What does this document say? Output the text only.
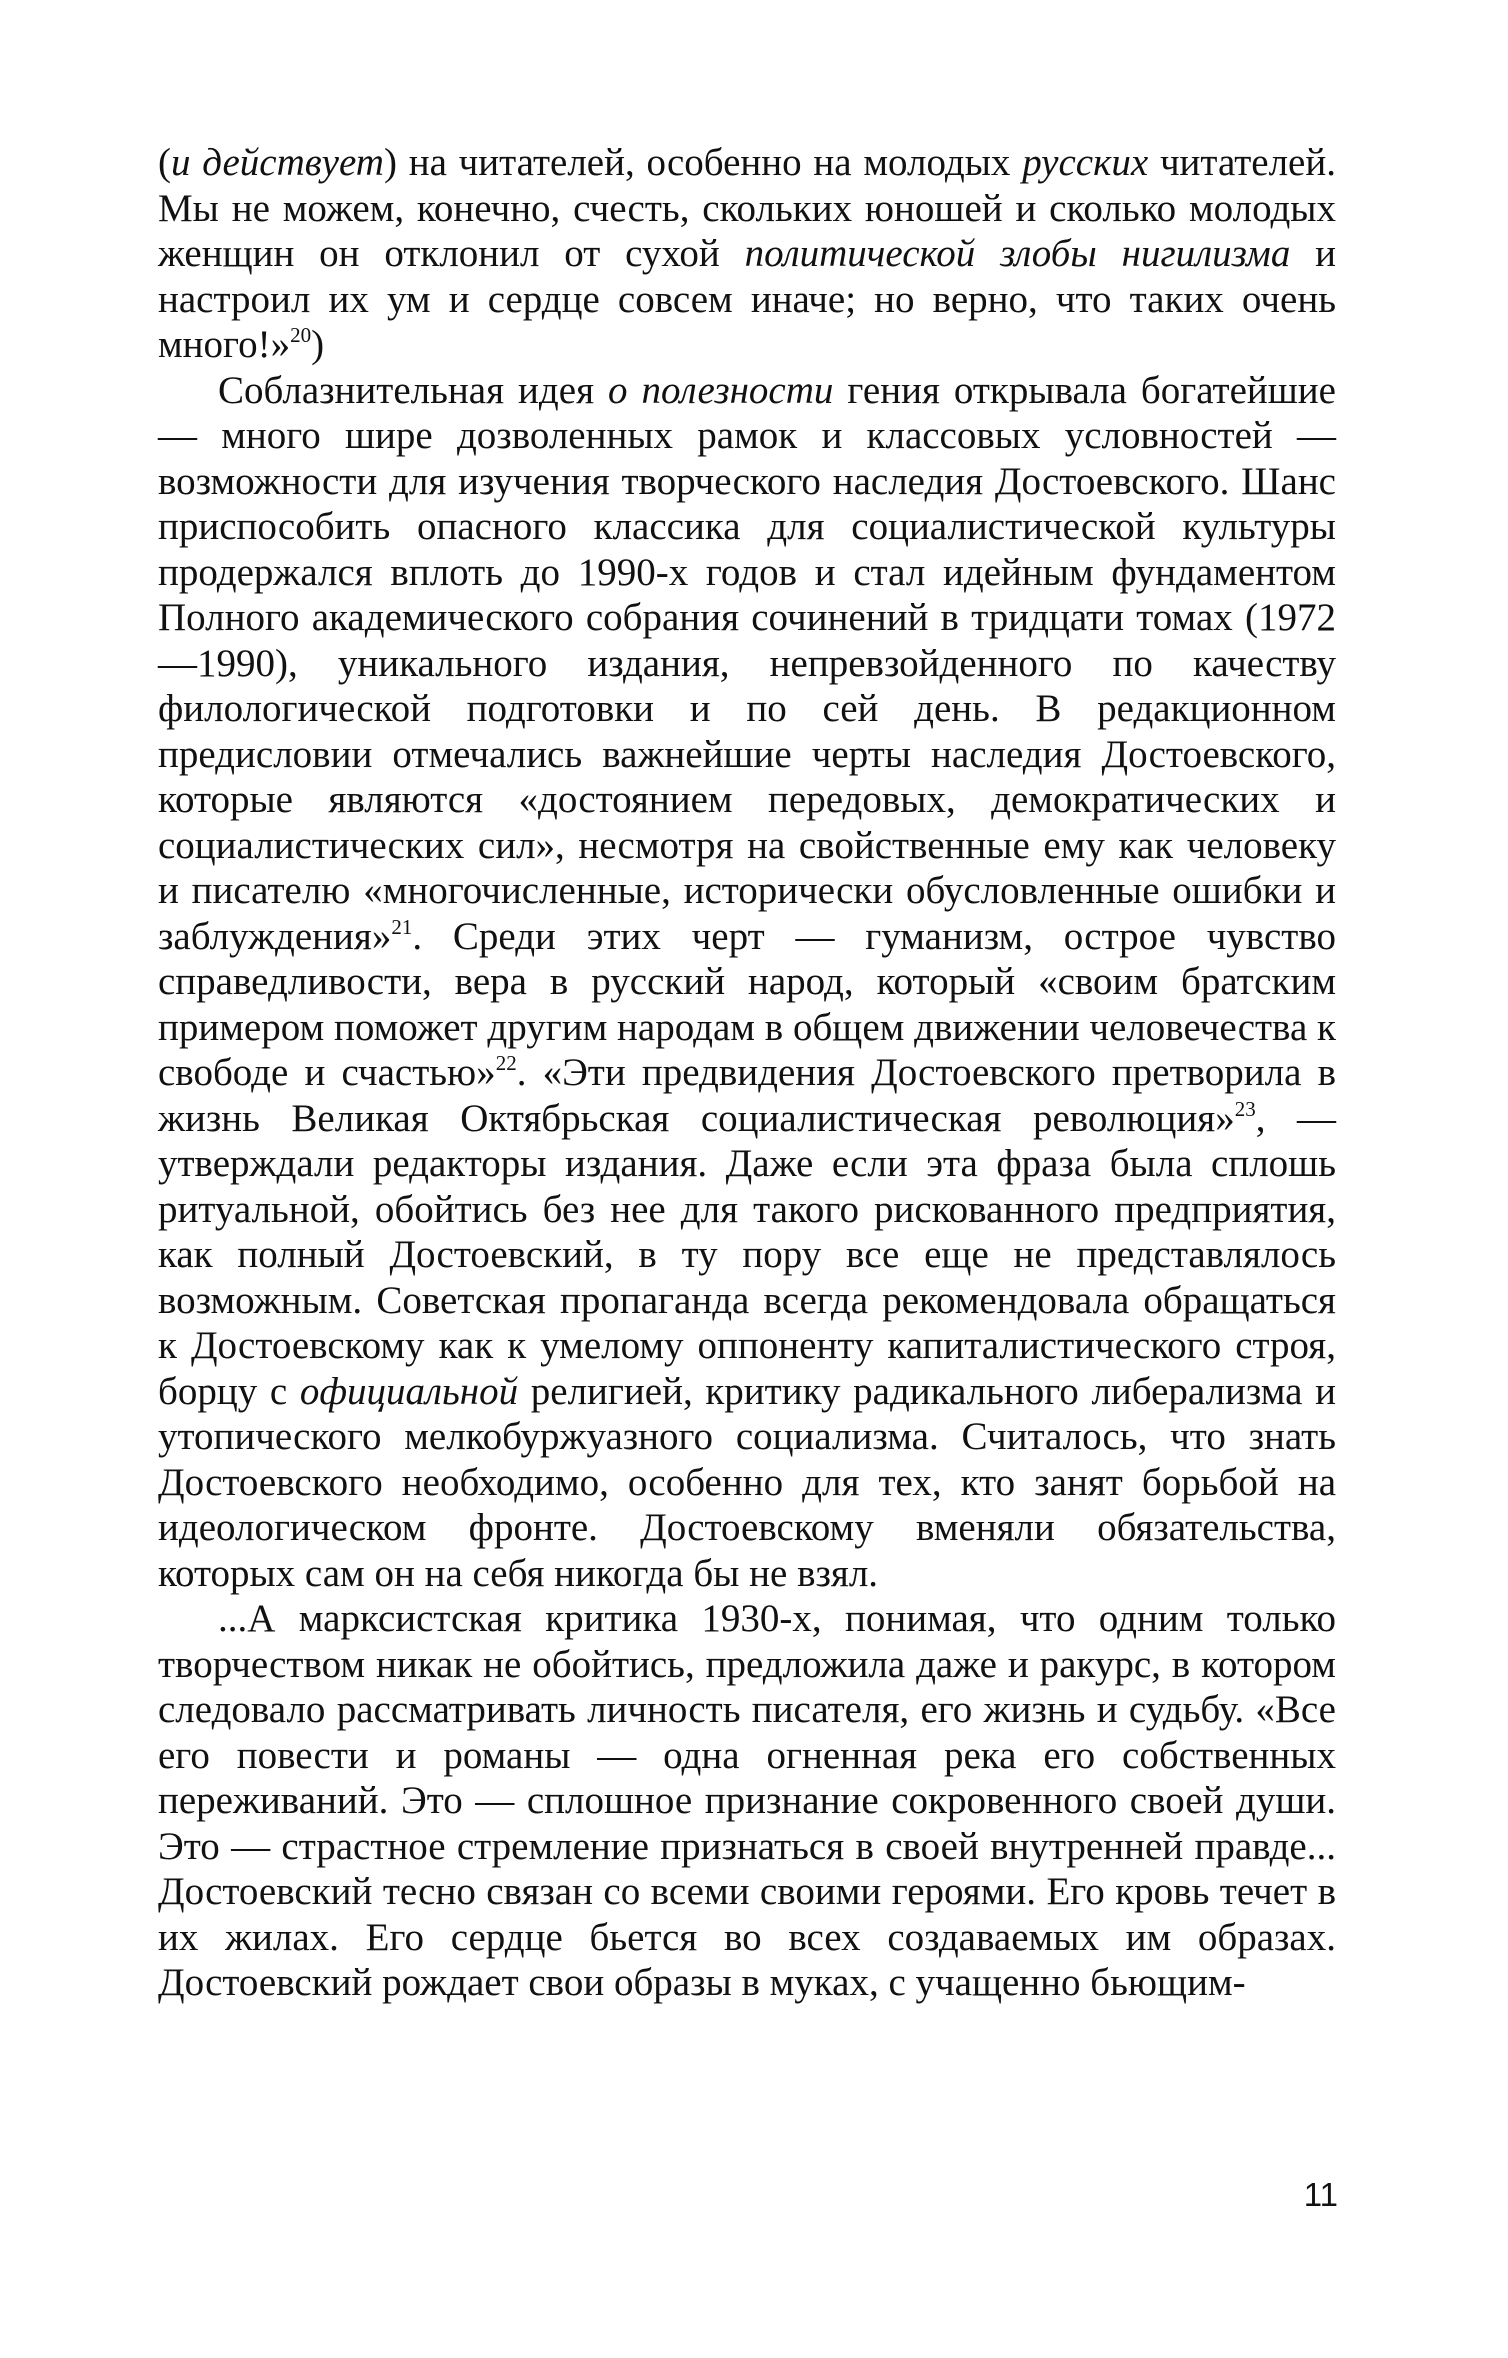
(и действует) на читателей, особенно на молодых русских читателей. Мы не можем, конечно, счесть, скольких юношей и сколько молодых женщин он отклонил от сухой политической злобы нигилизма и настроил их ум и сердце совсем иначе; но верно, что таких очень много!»$^{20}$)

Соблазнительная идея о полезности гения открывала богатейшие — много шире дозволенных рамок и классовых условностей — возможности для изучения творческого наследия Достоевского. Шанс приспособить опасного классика для социалистической культуры продержался вплоть до 1990-х годов и стал идейным фундаментом Полного академического собрания сочинений в тридцати томах (1972—1990), уникального издания, непревзойденного по качеству филологической подготовки и по сей день. В редакционном предисловии отмечались важнейшие черты наследия Достоевского, которые являются «достоянием передовых, демократических и социалистических сил», несмотря на свойственные ему как человеку и писателю «многочисленные, исторически обусловленные ошибки и заблуждения»$^{21}$. Среди этих черт — гуманизм, острое чувство справедливости, вера в русский народ, который «своим братским примером поможет другим народам в общем движении человечества к свободе и счастью»$^{22}$. «Эти предвидения Достоевского претворила в жизнь Великая Октябрьская социалистическая революция»$^{23}$, — утверждали редакторы издания. Даже если эта фраза была сплошь ритуальной, обойтись без нее для такого рискованного предприятия, как полный Достоевский, в ту пору все еще не представлялось возможным. Советская пропаганда всегда рекомендовала обращаться к Достоевскому как к умелому оппоненту капиталистического строя, борцу с официальной религией, критику радикального либерализма и утопического мелкобуржуазного социализма. Считалось, что знать Достоевского необходимо, особенно для тех, кто занят борьбой на идеологическом фронте. Достоевскому вменяли обязательства, которых сам он на себя никогда бы не взял.

...А марксистская критика 1930-х, понимая, что одним только творчеством никак не обойтись, предложила даже и ракурс, в котором следовало рассматривать личность писателя, его жизнь и судьбу. «Все его повести и романы — одна огненная река его собственных переживаний. Это — сплошное признание сокровенного своей души. Это — страстное стремление признаться в своей внутренней правде... Достоевский тесно связан со всеми своими героями. Его кровь течет в их жилах. Его сердце бьется во всех создаваемых им образах. Достоевский рождает свои образы в муках, с учащенно бьющим-

11
